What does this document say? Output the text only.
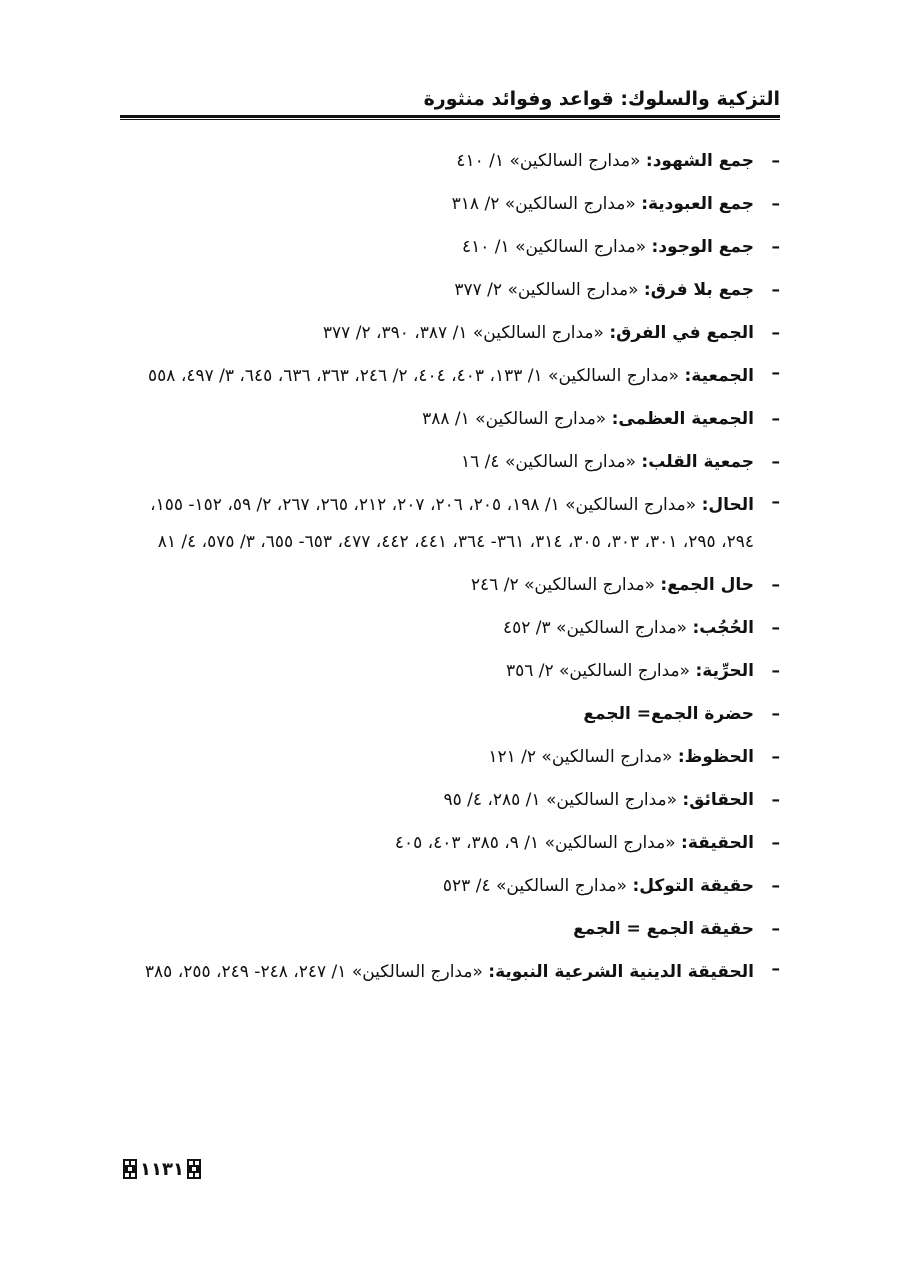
التزكية والسلوك: قواعد وفوائد منثورة
–
جمع الشهود: «مدارج السالكين» ١/ ٤١٠
–
جمع العبودية: «مدارج السالكين» ٢/ ٣١٨
–
جمع الوجود: «مدارج السالكين» ١/ ٤١٠
–
جمع بلا فرق: «مدارج السالكين» ٢/ ٣٧٧
–
الجمع في الفرق: «مدارج السالكين» ١/ ٣٨٧، ٣٩٠، ٢/ ٣٧٧
–
الجمعية: «مدارج السالكين» ١/ ١٣٣، ٤٠٣، ٤٠٤، ٢/ ٢٤٦، ٣٦٣، ٦٣٦، ٦٤٥، ٣/ ٤٩٧، ٥٥٨
–
الجمعية العظمى: «مدارج السالكين» ١/ ٣٨٨
–
جمعية القلب: «مدارج السالكين» ٤/ ١٦
–
الحال: «مدارج السالكين» ١/ ١٩٨، ٢٠٥، ٢٠٦، ٢٠٧، ٢١٢، ٢٦٥، ٢٦٧، ٢/ ٥٩، ١٥٢- ١٥٥، ٢٩٤، ٢٩٥، ٣٠١، ٣٠٣، ٣٠٥، ٣١٤، ٣٦١- ٣٦٤، ٤٤١، ٤٤٢، ٤٧٧، ٦٥٣- ٦٥٥، ٣/ ٥٧٥، ٤/ ٨١
–
حال الجمع: «مدارج السالكين» ٢/ ٢٤٦
–
الحُجُب: «مدارج السالكين» ٣/ ٤٥٢
–
الحرِّية: «مدارج السالكين» ٢/ ٣٥٦
–
حضرة الجمع= الجمع
–
الحظوظ: «مدارج السالكين» ٢/ ١٢١
–
الحقائق: «مدارج السالكين» ١/ ٢٨٥، ٤/ ٩٥
–
الحقيقة: «مدارج السالكين» ١/ ٩، ٣٨٥، ٤٠٣، ٤٠٥
–
حقيقة التوكل: «مدارج السالكين» ٤/ ٥٢٣
–
حقيقة الجمع = الجمع
–
الحقيقة الدينية الشرعية النبوية: «مدارج السالكين» ١/ ٢٤٧، ٢٤٨- ٢٤٩، ٢٥٥، ٣٨٥
١١٣١
